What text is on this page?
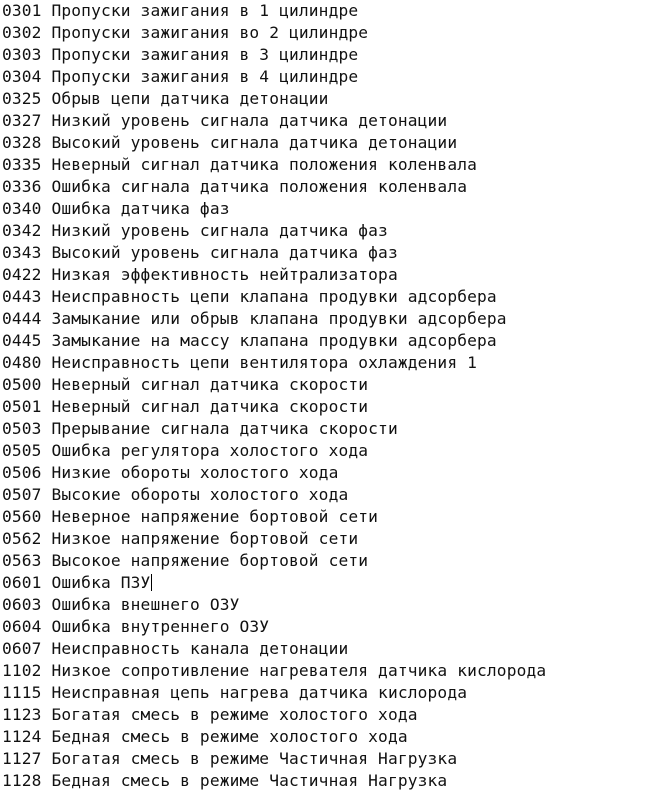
0301 Пропуски зажигания в 1 цилиндре
0302 Пропуски зажигания во 2 цилиндре
0303 Пропуски зажигания в 3 цилиндре
0304 Пропуски зажигания в 4 цилиндре
0325 Обрыв цепи датчика детонации
0327 Низкий уровень сигнала датчика детонации
0328 Высокий уровень сигнала датчика детонации
0335 Неверный сигнал датчика положения коленвала
0336 Ошибка сигнала датчика положения коленвала
0340 Ошибка датчика фаз
0342 Низкий уровень сигнала датчика фаз
0343 Высокий уровень сигнала датчика фаз
0422 Низкая эффективность нейтрализатора
0443 Неисправность цепи клапана продувки адсорбера
0444 Замыкание или обрыв клапана продувки адсорбера
0445 Замыкание на массу клапана продувки адсорбера
0480 Неисправность цепи вентилятора охлаждения 1
0500 Неверный сигнал датчика скорости
0501 Неверный сигнал датчика скорости
0503 Прерывание сигнала датчика скорости
0505 Ошибка регулятора холостого хода
0506 Низкие обороты холостого хода
0507 Высокие обороты холостого хода
0560 Неверное напряжение бортовой сети
0562 Низкое напряжение бортовой сети
0563 Высокое напряжение бортовой сети
0601 Ошибка ПЗУ
0603 Ошибка внешнего ОЗУ
0604 Ошибка внутреннего ОЗУ
0607 Неисправность канала детонации
1102 Низкое сопротивление нагревателя датчика кислорода
1115 Неисправная цепь нагрева датчика кислорода
1123 Богатая смесь в режиме холостого хода
1124 Бедная смесь в режиме холостого хода
1127 Богатая смесь в режиме Частичная Нагрузка
1128 Бедная смесь в режиме Частичная Нагрузка
